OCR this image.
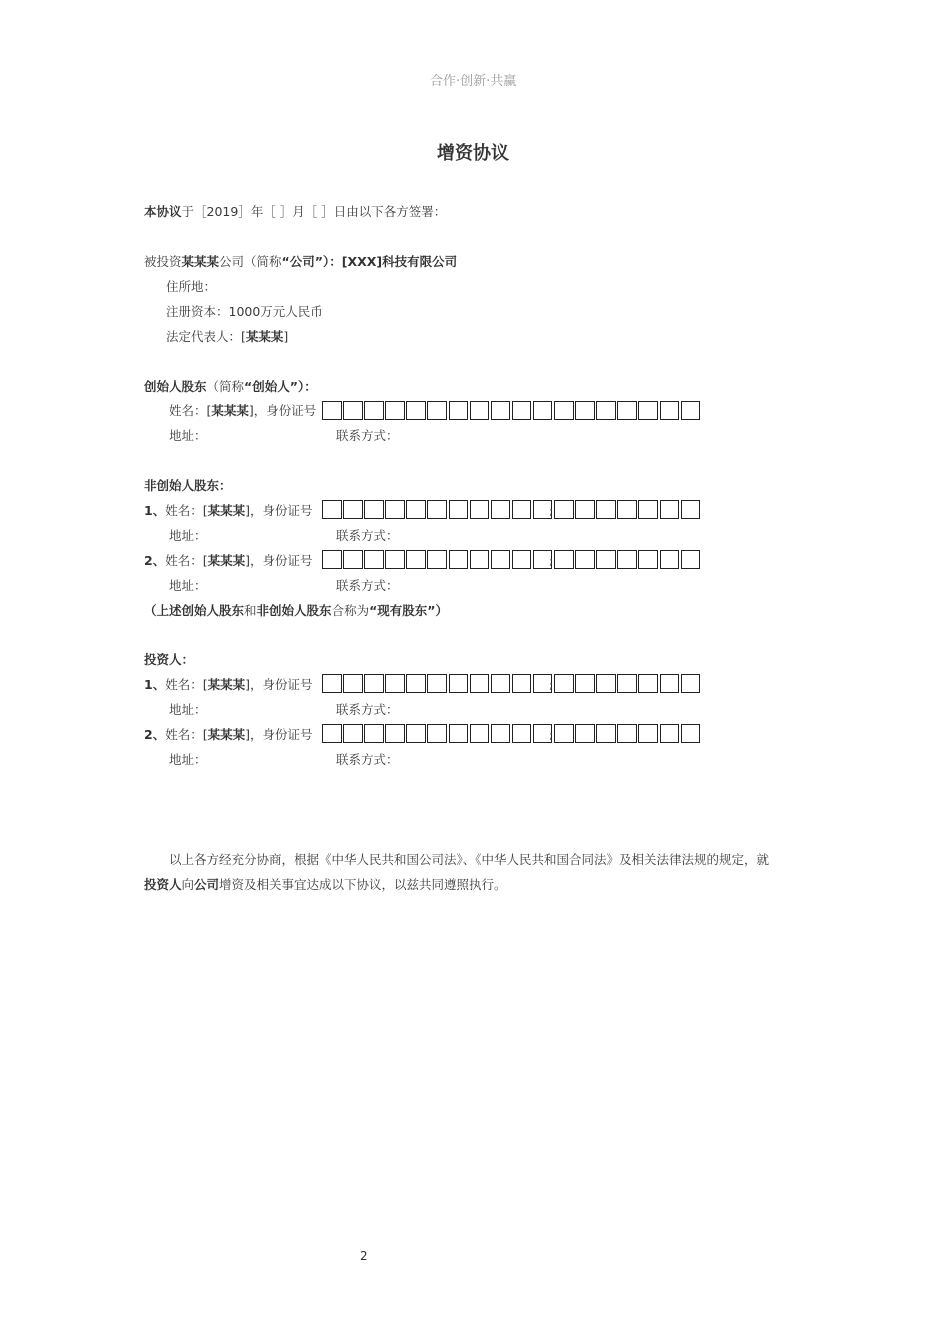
合作·创新·共赢
增资协议
本协议于［2019］年［ ］月［ ］日由以下各方签署：
被投资某某某公司（简称“公司”）：[XXX]科技有限公司
住所地：
注册资本：1000万元人民币
法定代表人：[某某某]
创始人股东（简称“创始人”）：
姓名：[某某某]，身份证号
地址：	联系方式：
非创始人股东：
1、姓名：[某某某]，身份证号	;
地址：	联系方式：
2、姓名：[某某某]，身份证号	;
地址：	联系方式：
（上述创始人股东和非创始人股东合称为“现有股东”）
投资人：
1、姓名：[某某某]，身份证号	;
地址：	联系方式：
2、姓名：[某某某]，身份证号	;
地址：	联系方式：
以上各方经充分协商，根据《中华人民共和国公司法》、《中华人民共和国合同法》及相关法律法规的规定，就
投资人向公司增资及相关事宜达成以下协议，以兹共同遵照执行。
2
